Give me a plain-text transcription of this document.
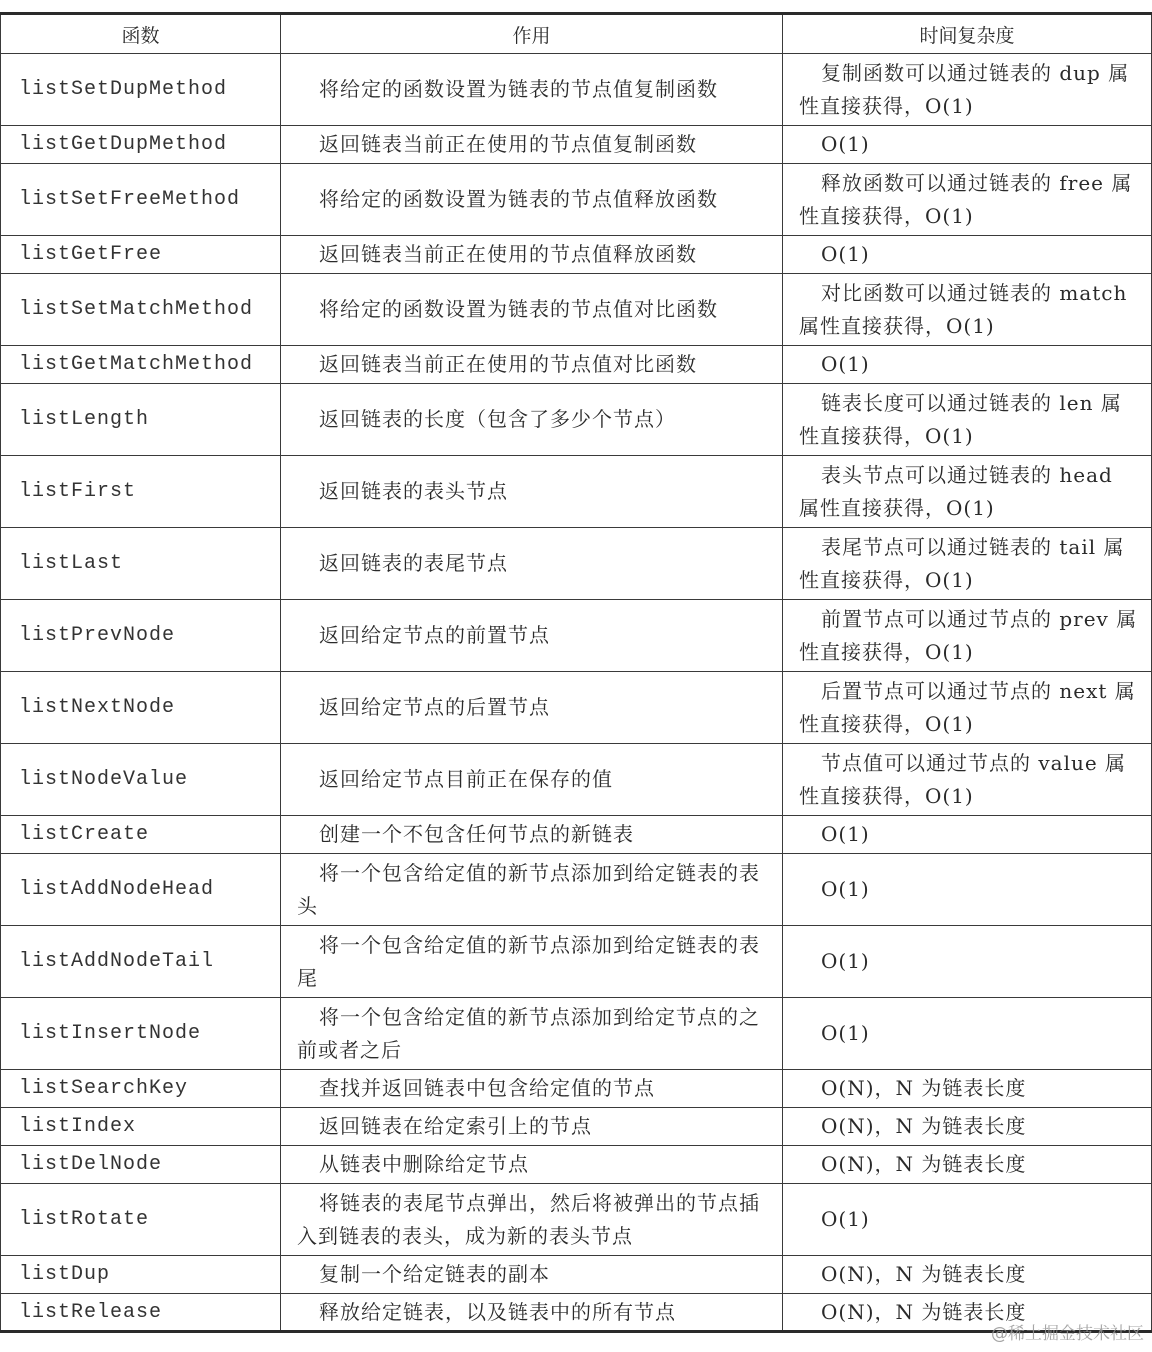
函数	作用	时间复杂度
listSetDupMethod	将给定的函数设置为链表的节点值复制函数	复制函数可以通过链表的 dup 属性直接获得，O(1)

listGetDupMethod	返回链表当前正在使用的节点值复制函数	O(1)
listSetFreeMethod	将给定的函数设置为链表的节点值释放函数	释放函数可以通过链表的 free 属性直接获得，O(1)

listGetFree	返回链表当前正在使用的节点值释放函数	O(1)
listSetMatchMethod	将给定的函数设置为链表的节点值对比函数	对比函数可以通过链表的 match 属性直接获得，O(1)

listGetMatchMethod	返回链表当前正在使用的节点值对比函数	O(1)
listLength	返回链表的长度（包含了多少个节点）	链表长度可以通过链表的 len 属性直接获得，O(1)

listFirst	返回链表的表头节点	表头节点可以通过链表的 head 属性直接获得，O(1)

listLast	返回链表的表尾节点	表尾节点可以通过链表的 tail 属性直接获得，O(1)

listPrevNode	返回给定节点的前置节点	前置节点可以通过节点的 prev 属性直接获得，O(1)

listNextNode	返回给定节点的后置节点	后置节点可以通过节点的 next 属性直接获得，O(1)

listNodeValue	返回给定节点目前正在保存的值	节点值可以通过节点的 value 属性直接获得，O(1)

listCreate	创建一个不包含任何节点的新链表	O(1)
listAddNodeHead	将一个包含给定值的新节点添加到给定链表的表头	O(1)
listAddNodeTail	将一个包含给定值的新节点添加到给定链表的表尾	O(1)
listInsertNode	将一个包含给定值的新节点添加到给定节点的之前或者之后	O(1)
listSearchKey	查找并返回链表中包含给定值的节点	O(N)，N 为链表长度
listIndex	返回链表在给定索引上的节点	O(N)，N 为链表长度
listDelNode	从链表中删除给定节点	O(N)，N 为链表长度
listRotate	将链表的表尾节点弹出，然后将被弹出的节点插入到链表的表头，成为新的表头节点	O(1)
listDup	复制一个给定链表的副本	O(N)，N 为链表长度
listRelease	释放给定链表，以及链表中的所有节点	O(N)，N 为链表长度
@稀土掘金技术社区
